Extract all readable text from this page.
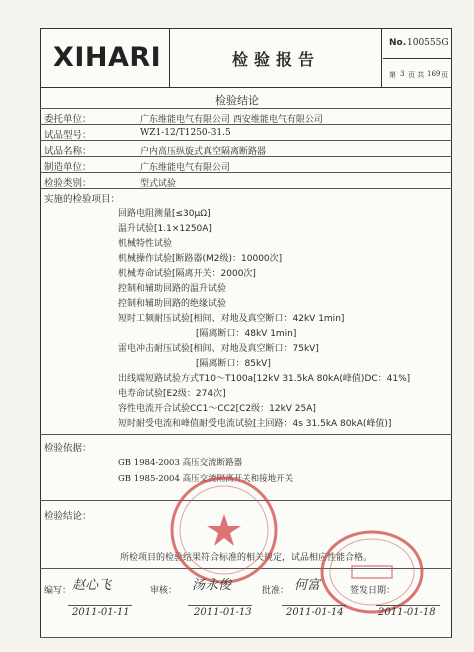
XIHARI	检验报告
No. 100555G
第 3 页 共 169 页
检验结论
委托单位：	广东维能电气有限公司 西安维能电气有限公司
试品型号：	WZ1-12/T1250-31.5
试品名称：	户内高压纵旋式真空隔离断路器
制造单位：	广东维能电气有限公司
检验类别：	型式试验
实施的检验项目：
回路电阻测量[≤30μΩ]
温升试验[1.1×1250A]
机械特性试验
机械操作试验[断路器(M2级)：10000次]
机械寿命试验[隔离开关：2000次]
控制和辅助回路的温升试验
控制和辅助回路的绝缘试验
短时工频耐压试验[相间、对地及真空断口：42kV 1min]
[隔离断口：48kV 1min]
雷电冲击耐压试验[相间、对地及真空断口：75kV]
[隔离断口：85kV]
出线端短路试验方式T10～T100a[12kV 31.5kA 80kA(峰值)DC：41%]
电寿命试验[E2级：274次]
容性电流开合试验CC1～CC2[C2级：12kV 25A]
短时耐受电流和峰值耐受电流试验[主回路：4s 31.5kA 80kA(峰值)]
检验依据：
GB 1984-2003 高压交流断路器
GB 1985-2004 高压交流隔离开关和接地开关
检验结论：
所检项目的检验结果符合标准的相关规定，试品相应性能合格。
编写： 赵心飞
2011-01-11
审核： 汤永俊
2011-01-13
批准： 何富
2011-01-14
签发日期：
2011-01-18
